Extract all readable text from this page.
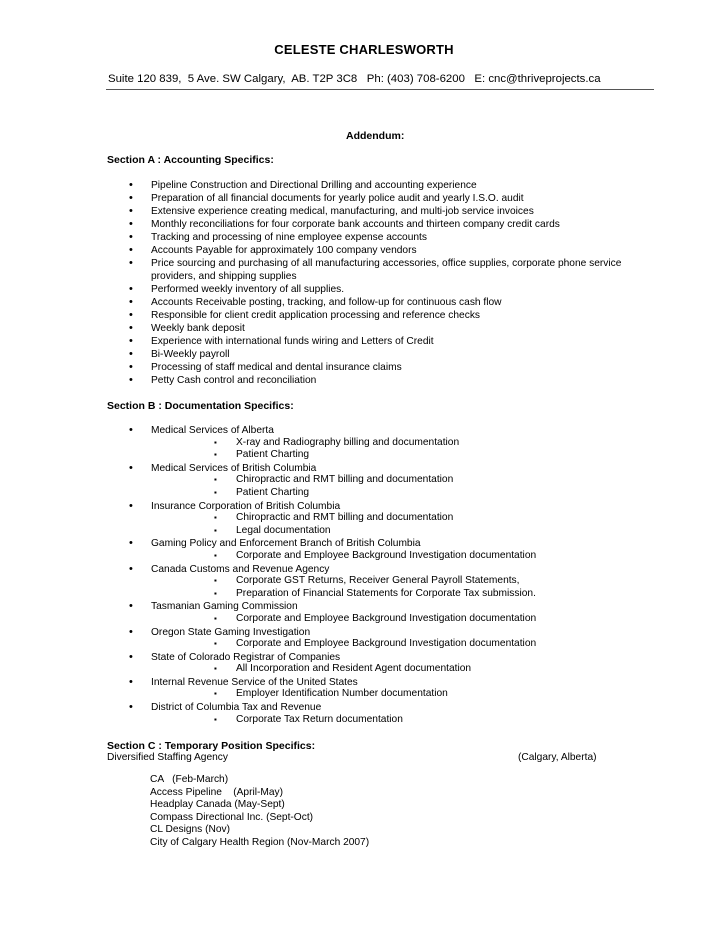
CELESTE CHARLESWORTH
Suite 120 839,  5 Ave. SW Calgary,  AB. T2P 3C8   Ph: (403) 708-6200   E: cnc@thriveprojects.ca
Addendum:
Section A : Accounting Specifics:
• Pipeline Construction and Directional Drilling and accounting experience
• Preparation of all financial documents for yearly police audit and yearly I.S.O. audit
• Extensive experience creating medical, manufacturing, and multi-job service invoices
• Monthly reconciliations for four corporate bank accounts and thirteen company credit cards
• Tracking and processing of nine employee expense accounts
• Accounts Payable for approximately 100 company vendors
• Price sourcing and purchasing of all manufacturing accessories, office supplies, corporate phone service providers, and shipping supplies
• Performed weekly inventory of all supplies.
• Accounts Receivable posting, tracking, and follow-up for continuous cash flow
• Responsible for client credit application processing and reference checks
• Weekly bank deposit
• Experience with international funds wiring and Letters of Credit
• Bi-Weekly payroll
• Processing of staff medical and dental insurance claims
• Petty Cash control and reconciliation
Section B : Documentation Specifics:
• Medical Services of Alberta
▪ X-ray and Radiography billing and documentation
▪ Patient Charting
• Medical Services of British Columbia
▪ Chiropractic and RMT billing and documentation
▪ Patient Charting
• Insurance Corporation of British Columbia
▪ Chiropractic and RMT billing and documentation
▪ Legal documentation
• Gaming Policy and Enforcement Branch of British Columbia
▪ Corporate and Employee Background Investigation documentation
• Canada Customs and Revenue Agency
▪ Corporate GST Returns, Receiver General Payroll Statements,
▪ Preparation of Financial Statements for Corporate Tax submission.
• Tasmanian Gaming Commission
▪ Corporate and Employee Background Investigation documentation
• Oregon State Gaming Investigation
▪ Corporate and Employee Background Investigation documentation
• State of Colorado Registrar of Companies
▪ All Incorporation and Resident Agent documentation
• Internal Revenue Service of the United States
▪ Employer Identification Number documentation
• District of Columbia Tax and Revenue
▪ Corporate Tax Return documentation
Section C : Temporary Position Specifics:
Diversified Staffing Agency	(Calgary, Alberta)
CA   (Feb-March)
Access Pipeline    (April-May)
Headplay Canada (May-Sept)
Compass Directional Inc. (Sept-Oct)
CL Designs (Nov)
City of Calgary Health Region (Nov-March 2007)
